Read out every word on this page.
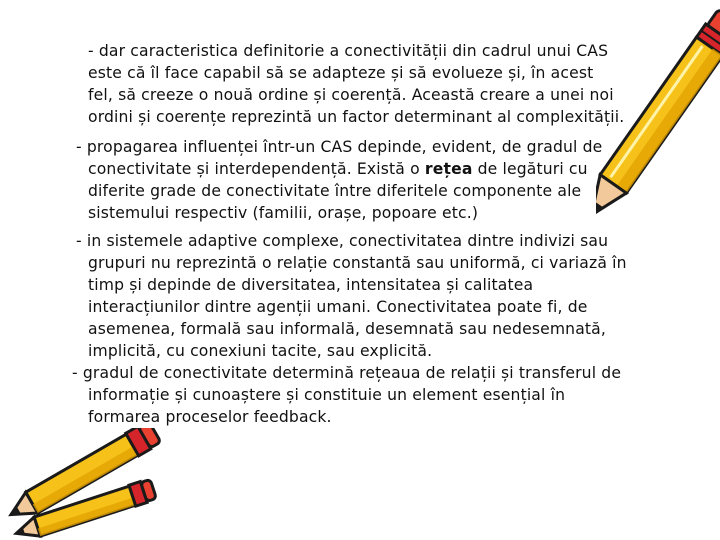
- dar caracteristica definitorie a conectivității din cadrul unui CAS
este că îl face capabil să se adapteze și să evolueze și, în acest
fel, să creeze o nouă ordine și coerență. Această creare a unei noi
ordini și coerențe reprezintă un factor determinant al complexității.
- propagarea influenței într-un CAS depinde, evident, de gradul de
conectivitate și interdependență. Există o rețea de legături cu
diferite grade de conectivitate între diferitele componente ale
sistemului respectiv (familii, orașe, popoare etc.)
- in sistemele adaptive complexe, conectivitatea dintre indivizi sau
grupuri nu reprezintă o relație constantă sau uniformă, ci variază în
timp și depinde de diversitatea, intensitatea și calitatea
interacțiunilor dintre agenții umani. Conectivitatea poate fi, de
asemenea, formală sau informală, desemnată sau nedesemnată,
implicită, cu conexiuni tacite, sau explicită.
- gradul de conectivitate determină rețeaua de relații și transferul de
informație și cunoaștere și constituie un element esențial în
formarea proceselor feedback.
